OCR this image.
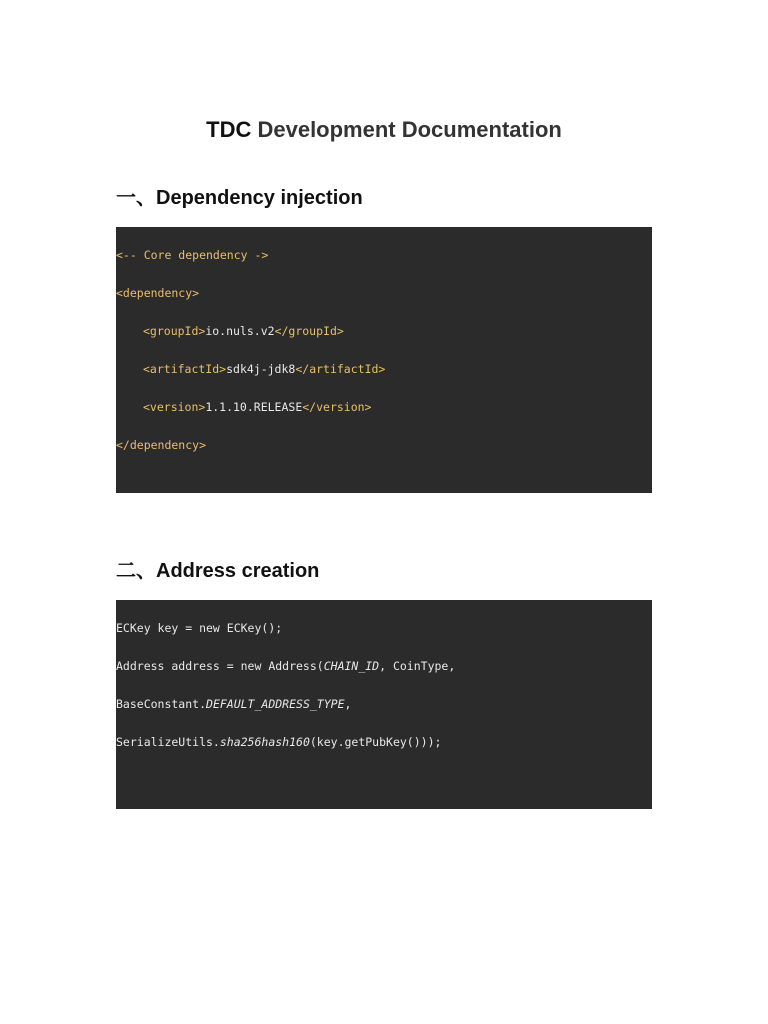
TDC Development Documentation
一、Dependency injection

<-- Core dependency ->

<dependency>

<groupId>io.nuls.v2</groupId>

<artifactId>sdk4j-jdk8</artifactId>

<version>1.1.10.RELEASE</version>

</dependency>

二、Address creation

ECKey key = new ECKey();

Address address = new Address(CHAIN_ID, CoinType,

BaseConstant.DEFAULT_ADDRESS_TYPE,

SerializeUtils.sha256hash160(key.getPubKey()));
